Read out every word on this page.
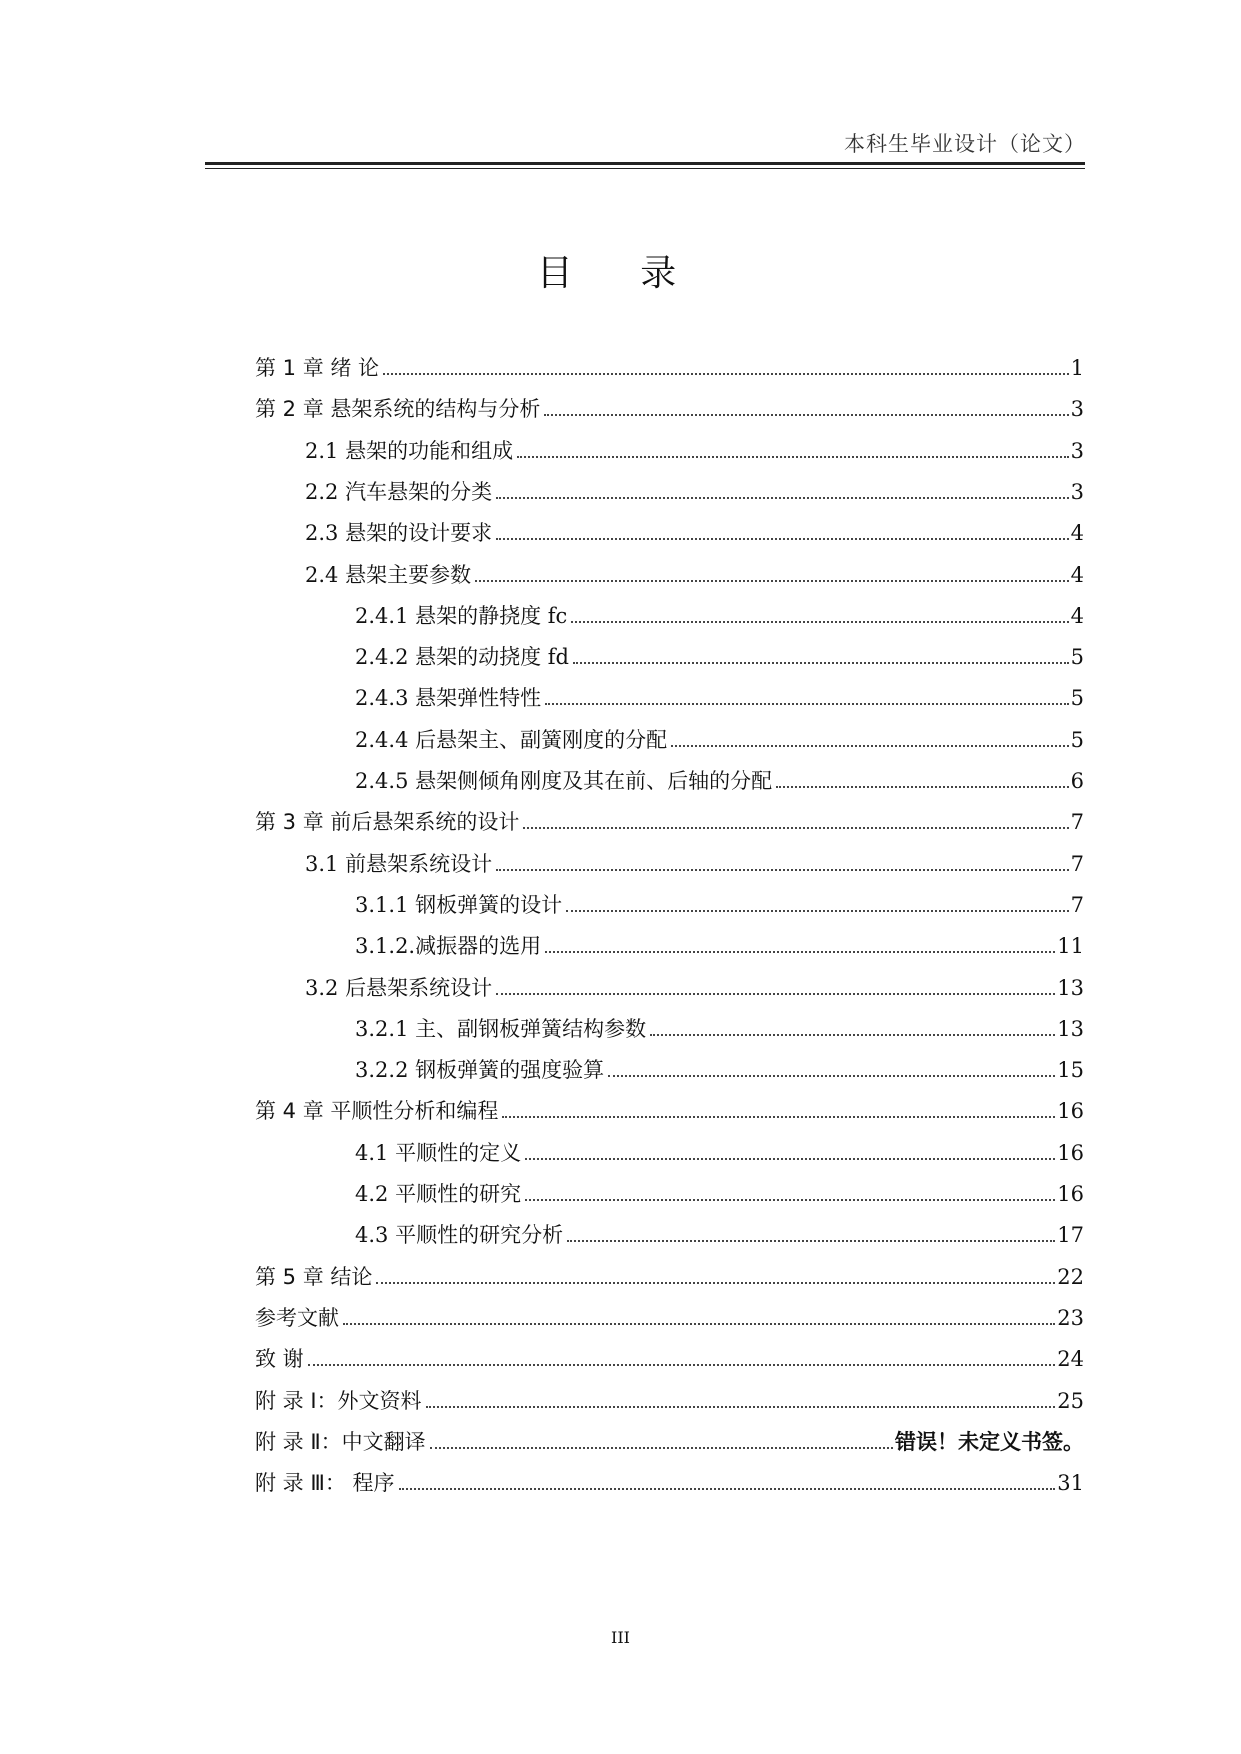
本科生毕业设计（论文）
目 录
第 1 章 绪 论	1
第 2 章 悬架系统的结构与分析	3
2.1 悬架的功能和组成	3
2.2 汽车悬架的分类	3
2.3 悬架的设计要求	4
2.4 悬架主要参数	4
2.4.1 悬架的静挠度 fc	4
2.4.2 悬架的动挠度 fd	5
2.4.3 悬架弹性特性	5
2.4.4 后悬架主、副簧刚度的分配	5
2.4.5 悬架侧倾角刚度及其在前、后轴的分配	6
第 3 章 前后悬架系统的设计	7
3.1 前悬架系统设计	7
3.1.1 钢板弹簧的设计	7
3.1.2.减振器的选用	11
3.2 后悬架系统设计	13
3.2.1 主、副钢板弹簧结构参数	13
3.2.2 钢板弹簧的强度验算	15
第 4 章 平顺性分析和编程	16
4.1 平顺性的定义	16
4.2 平顺性的研究	16
4.3 平顺性的研究分析	17
第 5 章 结论	22
参考文献	23
致 谢	24
附 录 Ⅰ：外文资料	25
附 录 Ⅱ：中文翻译	错误！未定义书签。
附 录 Ⅲ： 程序	31
III
